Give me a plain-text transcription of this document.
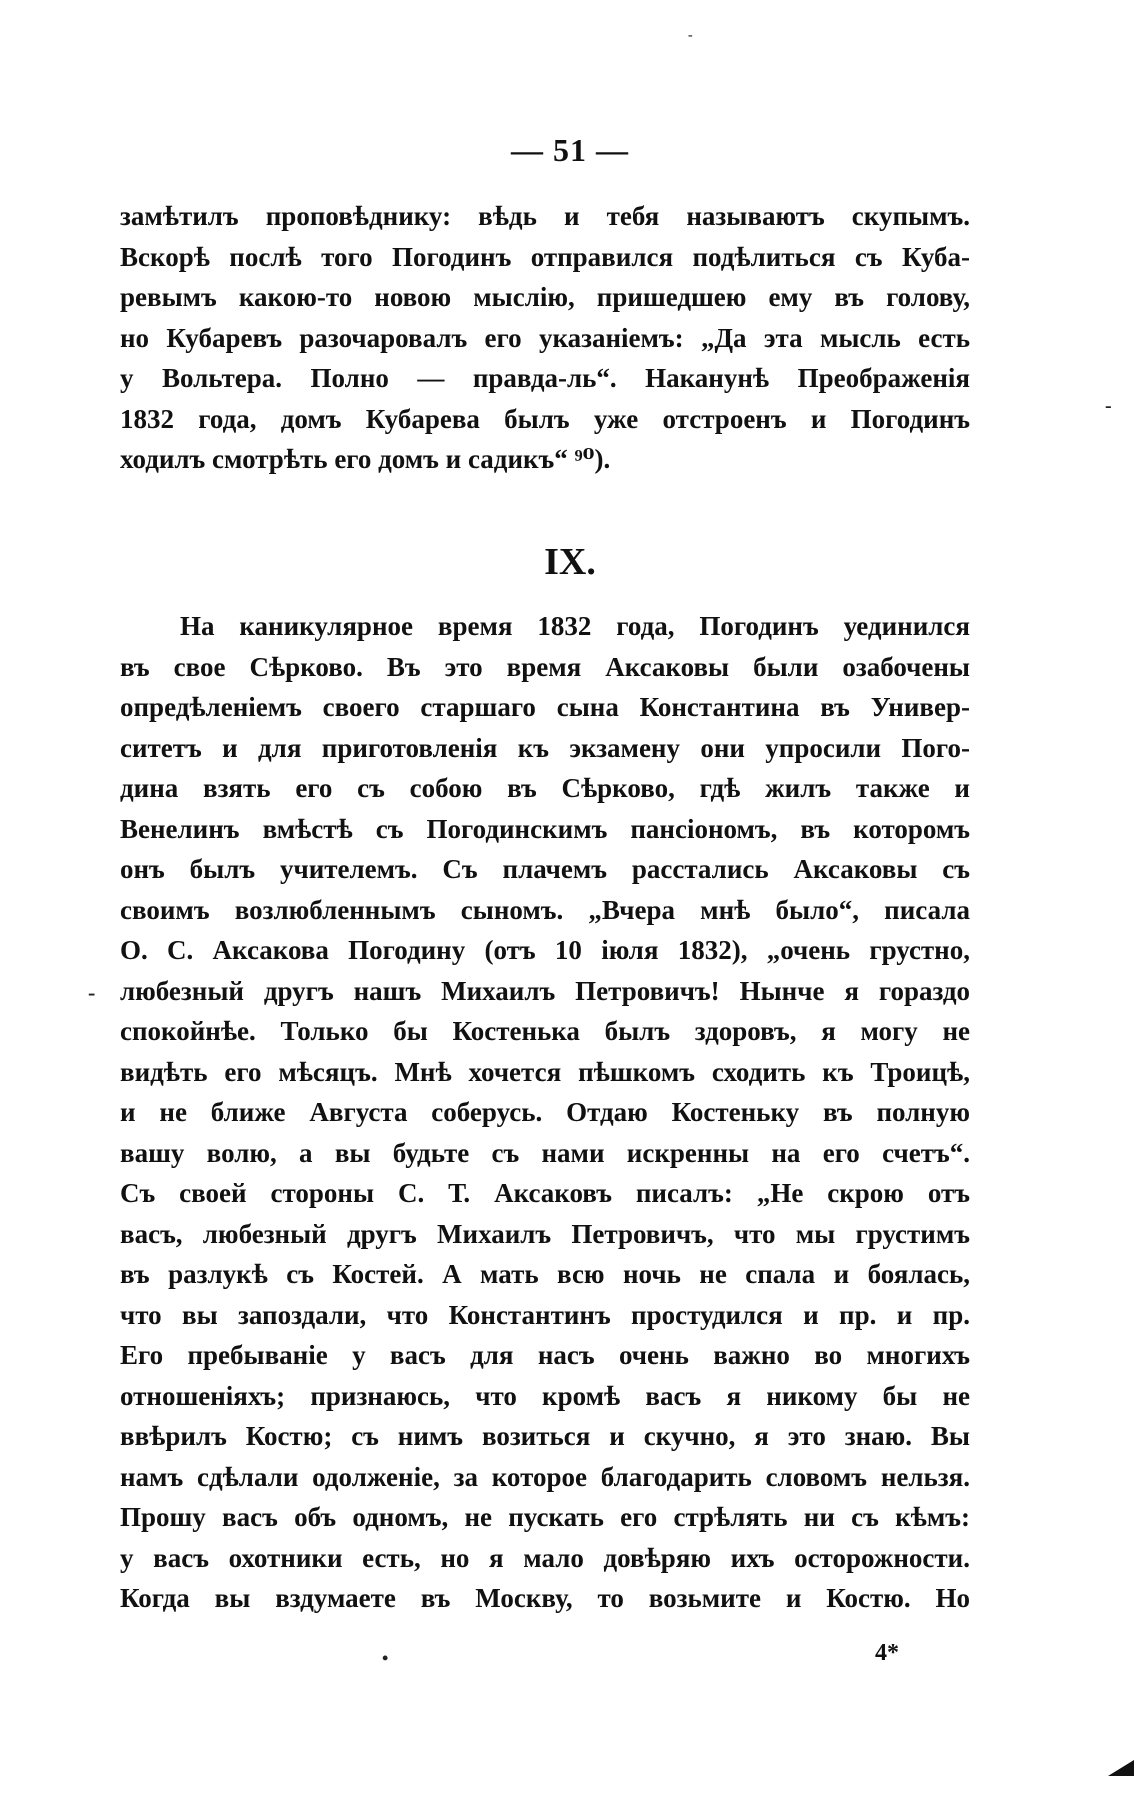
-
— 51 —
замѣтилъ проповѣднику: вѣдь и тебя называютъ скупымъ.
Вскорѣ послѣ того Погодинъ отправился подѣлиться съ Куба-
ревымъ какою-то новою мыслію, пришедшею ему въ голову,
но Кубаревъ разочаровалъ его указаніемъ: „Да эта мысль есть
у Вольтера. Полно — правда-ль“. Наканунѣ Преображенія
1832 года, домъ Кубарева былъ уже отстроенъ и Погодинъ
ходилъ смотрѣть его домъ и садикъ“ ⁹⁰).
-
IX.
На каникулярное время 1832 года, Погодинъ уединился
въ свое Сѣрково. Въ это время Аксаковы были озабочены
опредѣленіемъ своего старшаго сына Константина въ Универ-
ситетъ и для приготовленія къ экзамену они упросили Пого-
дина взять его съ собою въ Сѣрково, гдѣ жилъ также и
Венелинъ вмѣстѣ съ Погодинскимъ пансіономъ, въ которомъ
онъ былъ учителемъ. Съ плачемъ расстались Аксаковы съ
своимъ возлюбленнымъ сыномъ. „Вчера мнѣ было“, писала
О. С. Аксакова Погодину (отъ 10 іюля 1832), „очень грустно,
любезный другъ нашъ Михаилъ Петровичъ! Нынче я гораздо
спокойнѣе. Только бы Костенька былъ здоровъ, я могу не
видѣть его мѣсяцъ. Мнѣ хочется пѣшкомъ сходить къ Троицѣ,
и не ближе Августа соберусь. Отдаю Костеньку въ полную
вашу волю, а вы будьте съ нами искренны на его счетъ“.
Съ своей стороны С. Т. Аксаковъ писалъ: „Не скрою отъ
васъ, любезный другъ Михаилъ Петровичъ, что мы грустимъ
въ разлукѣ съ Костей. А мать всю ночь не спала и боялась,
что вы запоздали, что Константинъ простудился и пр. и пр.
Его пребываніе у васъ для насъ очень важно во многихъ
отношеніяхъ; признаюсь, что кромѣ васъ я никому бы не
ввѣрилъ Костю; съ нимъ возиться и скучно, я это знаю. Вы
намъ сдѣлали одолженіе, за которое благодарить словомъ нельзя.
Прошу васъ объ одномъ, не пускать его стрѣлять ни съ кѣмъ:
у васъ охотники есть, но я мало довѣряю ихъ осторожности.
Когда вы вздумаете въ Москву, то возьмите и Костю. Но
-
•	4*
